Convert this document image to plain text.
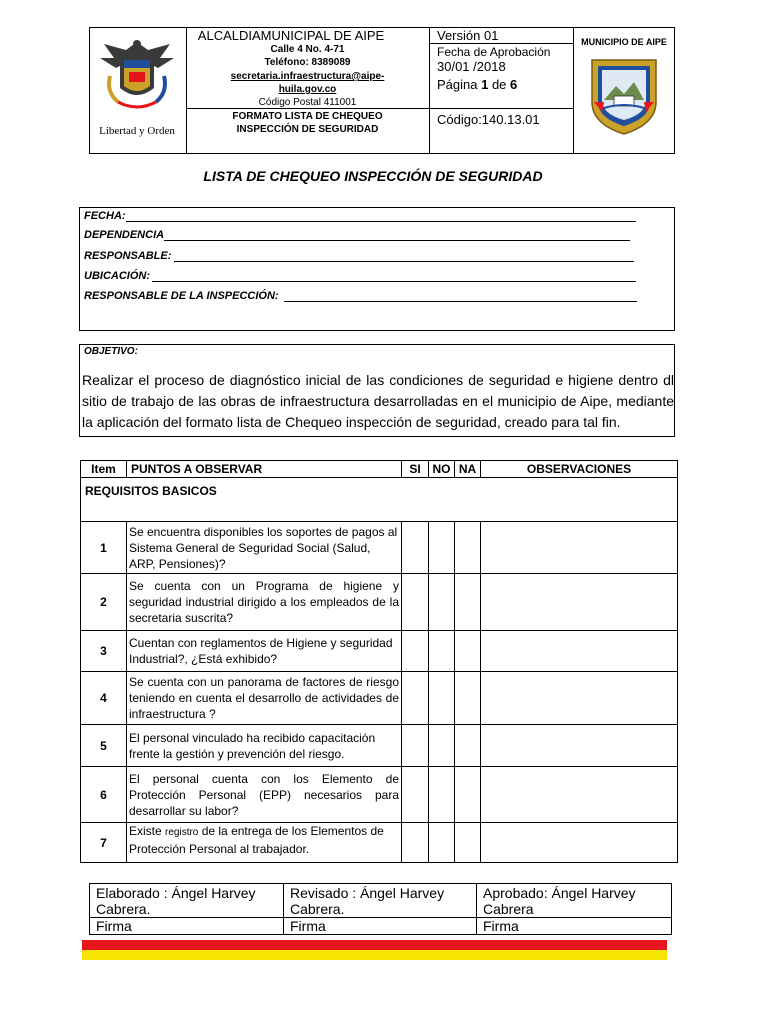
Libertad y Orden
ALCALDIAMUNICIPAL DE AIPE
Calle 4 No. 4-71
Teléfono: 8389089
secretaria.infraestructura@aipe-
huila.gov.co
Código Postal 411001
FORMATO LISTA DE CHEQUEO
INSPECCIÓN DE SEGURIDAD
Versión 01
Fecha de Aprobación
30/01 /2018
Página 1 de 6
Código:140.13.01
MUNICIPIO DE AIPE
LISTA DE CHEQUEO INSPECCIÓN DE SEGURIDAD
FECHA:
DEPENDENCIA
RESPONSABLE:
UBICACIÓN:
RESPONSABLE DE LA INSPECCIÓN:
OBJETIVO:
Realizar el proceso de diagnóstico inicial de las condiciones de seguridad e higiene dentro dl sitio de trabajo de las obras de infraestructura desarrolladas en el municipio de Aipe, mediante la aplicación del formato lista de Chequeo inspección de seguridad, creado para tal fin.
Item	PUNTOS A OBSERVAR	SI	NO	NA	OBSERVACIONES
REQUISITOS BASICOS					
1	Se encuentra disponibles los soportes de pagos al Sistema General de Seguridad Social (Salud, ARP, Pensiones)?				
2	Se cuenta con un Programa de higiene y seguridad industrial dirigido a los empleados de la secretaria suscrita?				
3	Cuentan con reglamentos de Higiene y seguridad Industrial?, ¿Está exhibido?				
4	Se cuenta con un panorama de factores de riesgo teniendo en cuenta el desarrollo de actividades de infraestructura ?				
5	El personal vinculado ha recibido capacitación frente la gestión y prevención del riesgo.				
6	El personal cuenta con los Elemento de Protección Personal (EPP) necesarios para desarrollar su labor?				
7	Existe registro de la entrega de los Elementos de Protección Personal al trabajador.				
Elaborado : Ángel Harvey Cabrera.	Revisado : Ángel Harvey Cabrera.	Aprobado: Ángel Harvey Cabrera
Firma	Firma	Firma
